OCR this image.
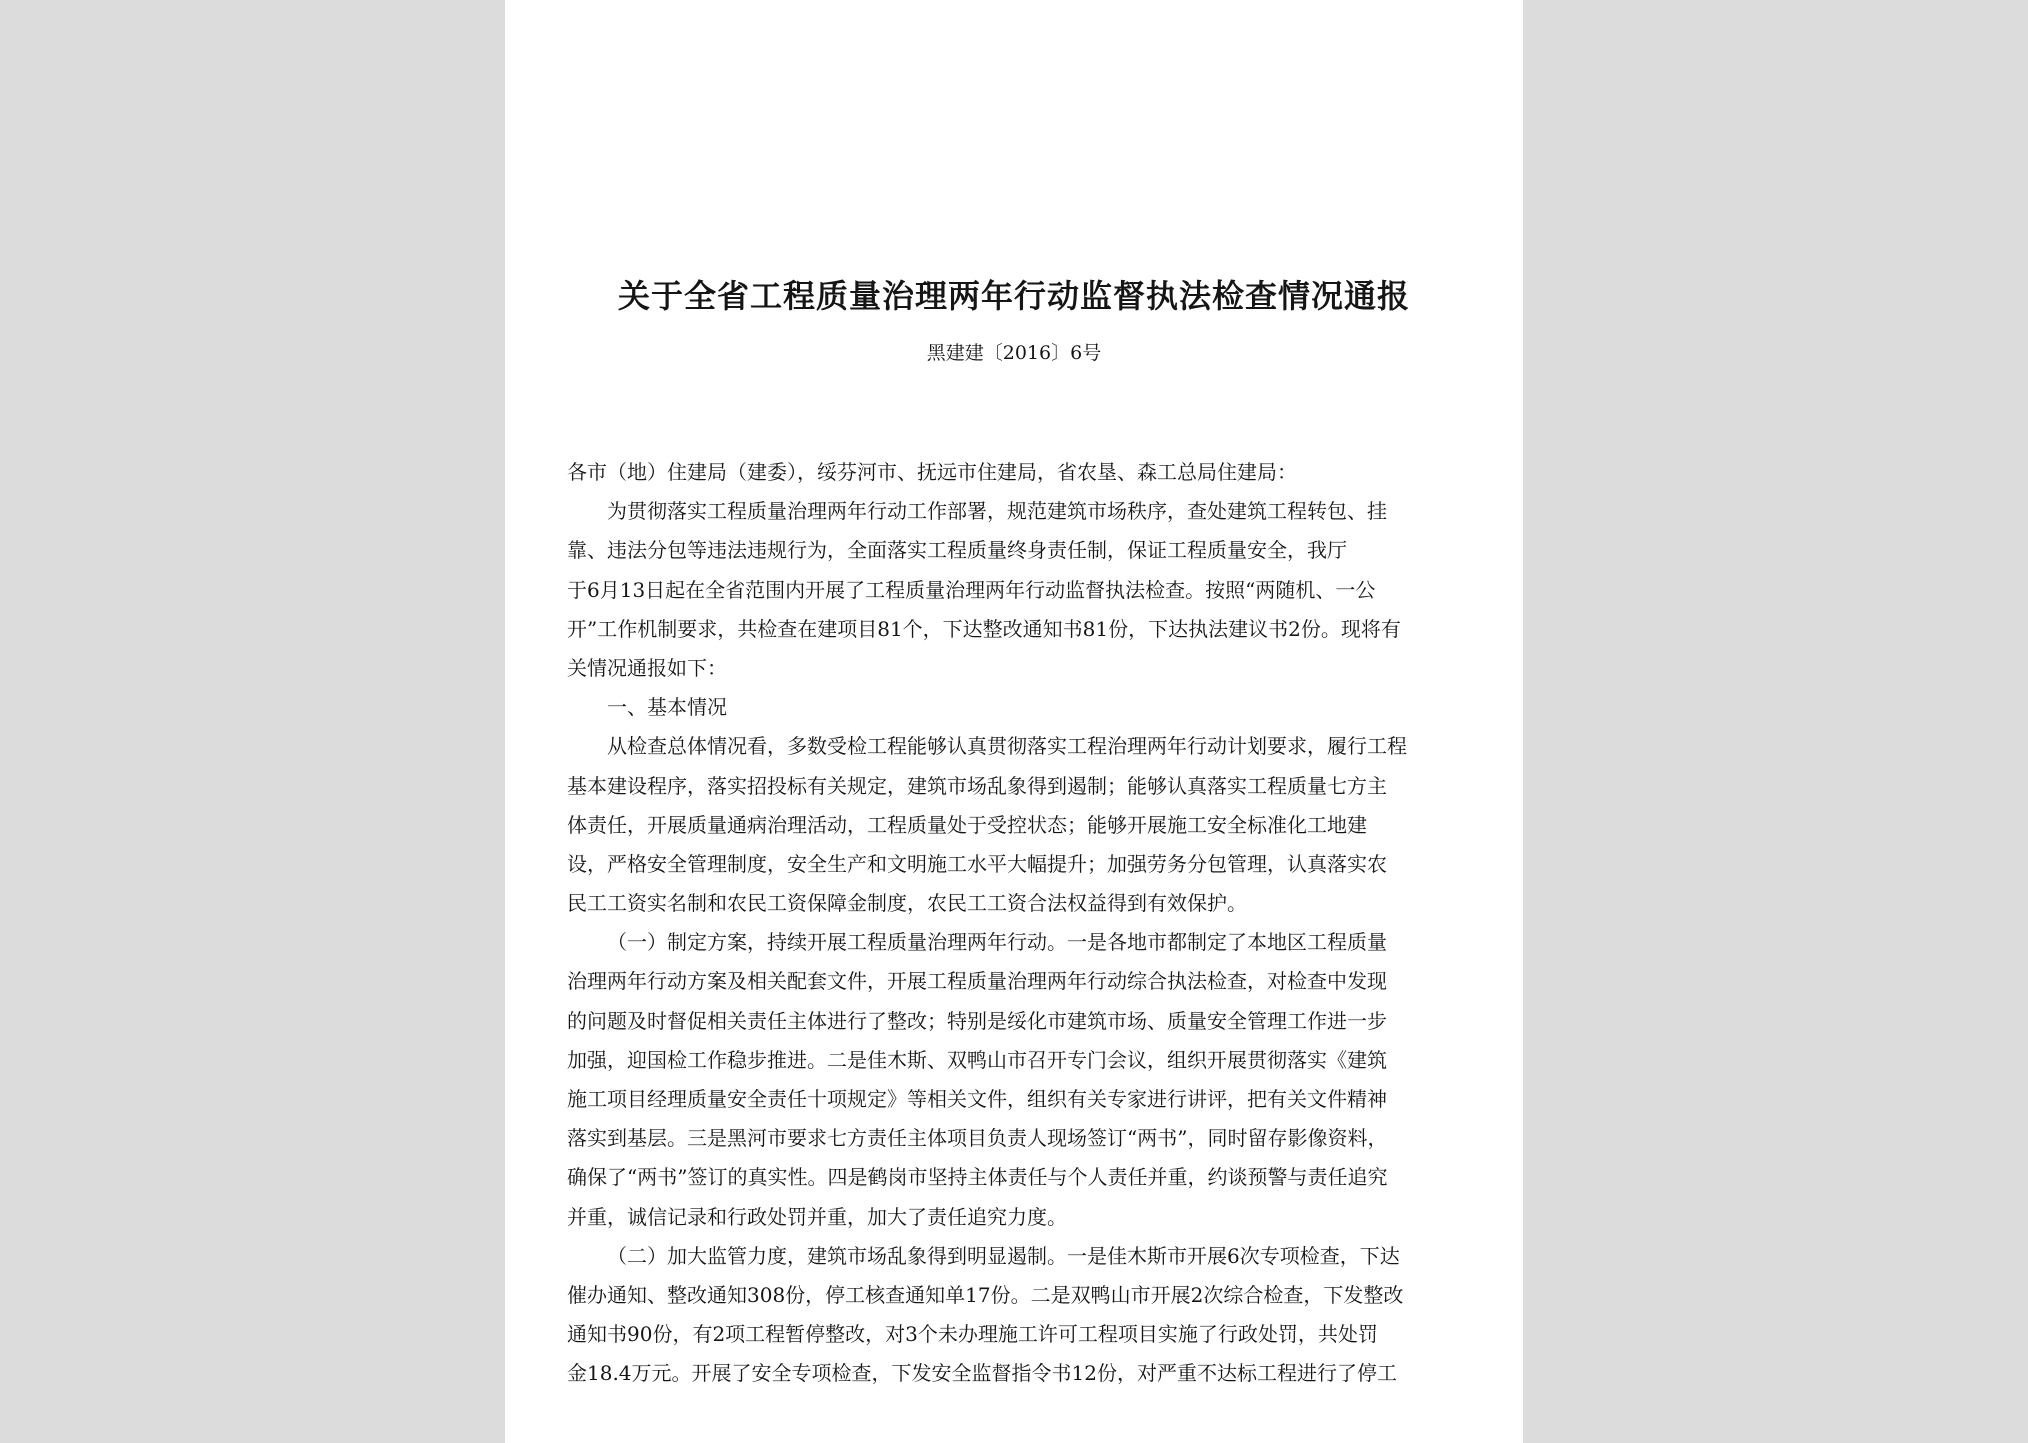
关于全省工程质量治理两年行动监督执法检查情况通报
黑建建〔2016〕6号
各市（地）住建局（建委），绥芬河市、抚远市住建局，省农垦、森工总局住建局：
为贯彻落实工程质量治理两年行动工作部署，规范建筑市场秩序，查处建筑工程转包、挂
靠、违法分包等违法违规行为，全面落实工程质量终身责任制，保证工程质量安全，我厅
于6月13日起在全省范围内开展了工程质量治理两年行动监督执法检查。按照“两随机、一公
开”工作机制要求，共检查在建项目81个，下达整改通知书81份，下达执法建议书2份。现将有
关情况通报如下：
一、基本情况
从检查总体情况看，多数受检工程能够认真贯彻落实工程治理两年行动计划要求，履行工程
基本建设程序，落实招投标有关规定，建筑市场乱象得到遏制；能够认真落实工程质量七方主
体责任，开展质量通病治理活动，工程质量处于受控状态；能够开展施工安全标准化工地建
设，严格安全管理制度，安全生产和文明施工水平大幅提升；加强劳务分包管理，认真落实农
民工工资实名制和农民工资保障金制度，农民工工资合法权益得到有效保护。
（一）制定方案，持续开展工程质量治理两年行动。一是各地市都制定了本地区工程质量
治理两年行动方案及相关配套文件，开展工程质量治理两年行动综合执法检查，对检查中发现
的问题及时督促相关责任主体进行了整改；特别是绥化市建筑市场、质量安全管理工作进一步
加强，迎国检工作稳步推进。二是佳木斯、双鸭山市召开专门会议，组织开展贯彻落实《建筑
施工项目经理质量安全责任十项规定》等相关文件，组织有关专家进行讲评，把有关文件精神
落实到基层。三是黑河市要求七方责任主体项目负责人现场签订“两书”，同时留存影像资料，
确保了“两书”签订的真实性。四是鹤岗市坚持主体责任与个人责任并重，约谈预警与责任追究
并重，诚信记录和行政处罚并重，加大了责任追究力度。
（二）加大监管力度，建筑市场乱象得到明显遏制。一是佳木斯市开展6次专项检查，下达
催办通知、整改通知308份，停工核查通知单17份。二是双鸭山市开展2次综合检查，下发整改
通知书90份，有2项工程暂停整改，对3个未办理施工许可工程项目实施了行政处罚，共处罚
金18.4万元。开展了安全专项检查，下发安全监督指令书12份，对严重不达标工程进行了停工
